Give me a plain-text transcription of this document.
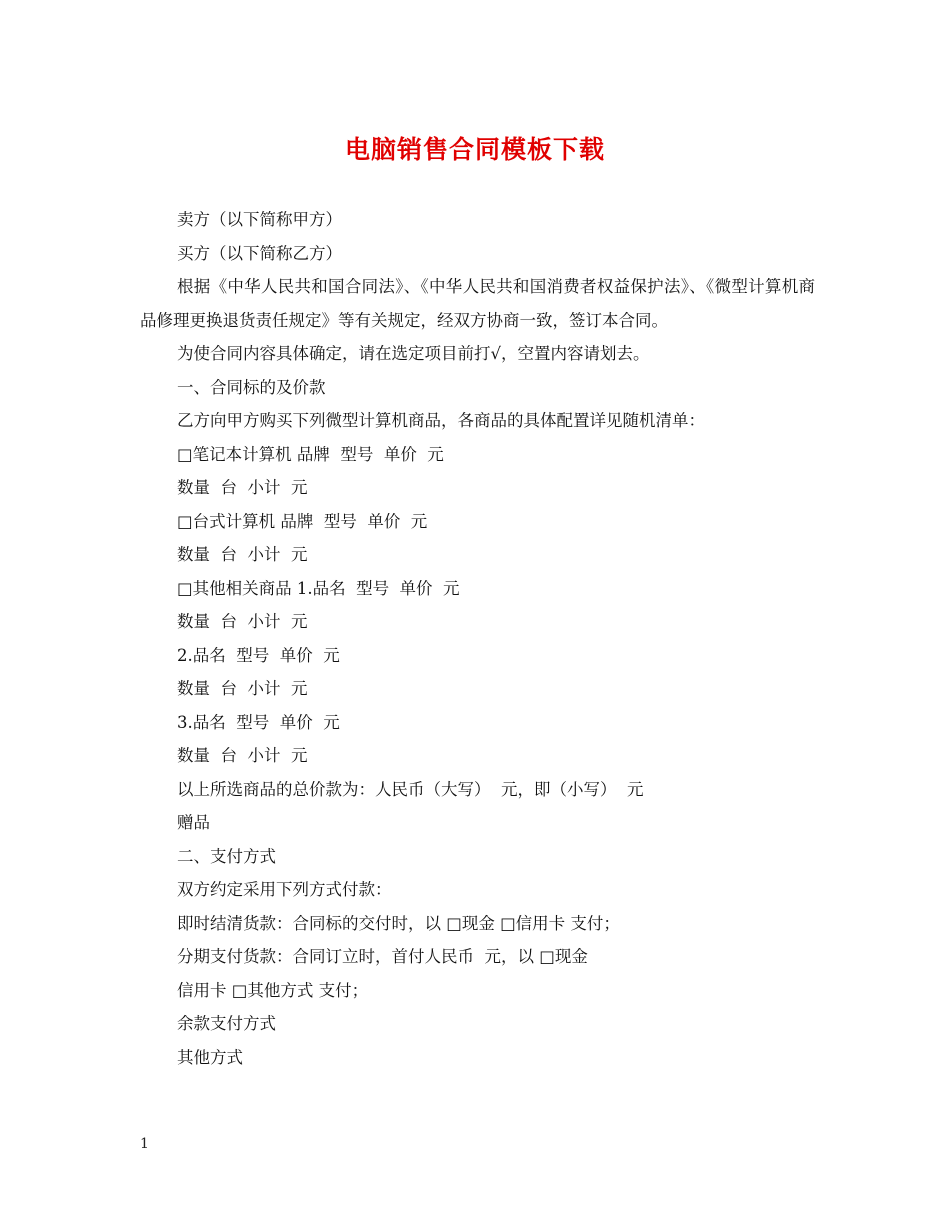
电脑销售合同模板下载

卖方（以下简称甲方）

买方（以下简称乙方）

根据《中华人民共和国合同法》、《中华人民共和国消费者权益保护法》、《微型计算机商品修理更换退货责任规定》等有关规定，经双方协商一致，签订本合同。

为使合同内容具体确定，请在选定项目前打√，空置内容请划去。

一、合同标的及价款

乙方向甲方购买下列微型计算机商品，各商品的具体配置详见随机清单：

□笔记本计算机 品牌  型号  单价  元

数量  台  小计  元

□台式计算机 品牌  型号  单价  元

数量  台  小计  元

□其他相关商品 1.品名  型号  单价  元

数量  台  小计  元

2.品名  型号  单价  元

数量  台  小计  元

3.品名  型号  单价  元

数量  台  小计  元

以上所选商品的总价款为：人民币（大写）  元，即（小写）  元

赠品

二、支付方式

双方约定采用下列方式付款：

即时结清货款：合同标的交付时，以 □现金 □信用卡 支付；

分期支付货款：合同订立时，首付人民币  元，以 □现金

信用卡 □其他方式 支付；

余款支付方式

其他方式

1
